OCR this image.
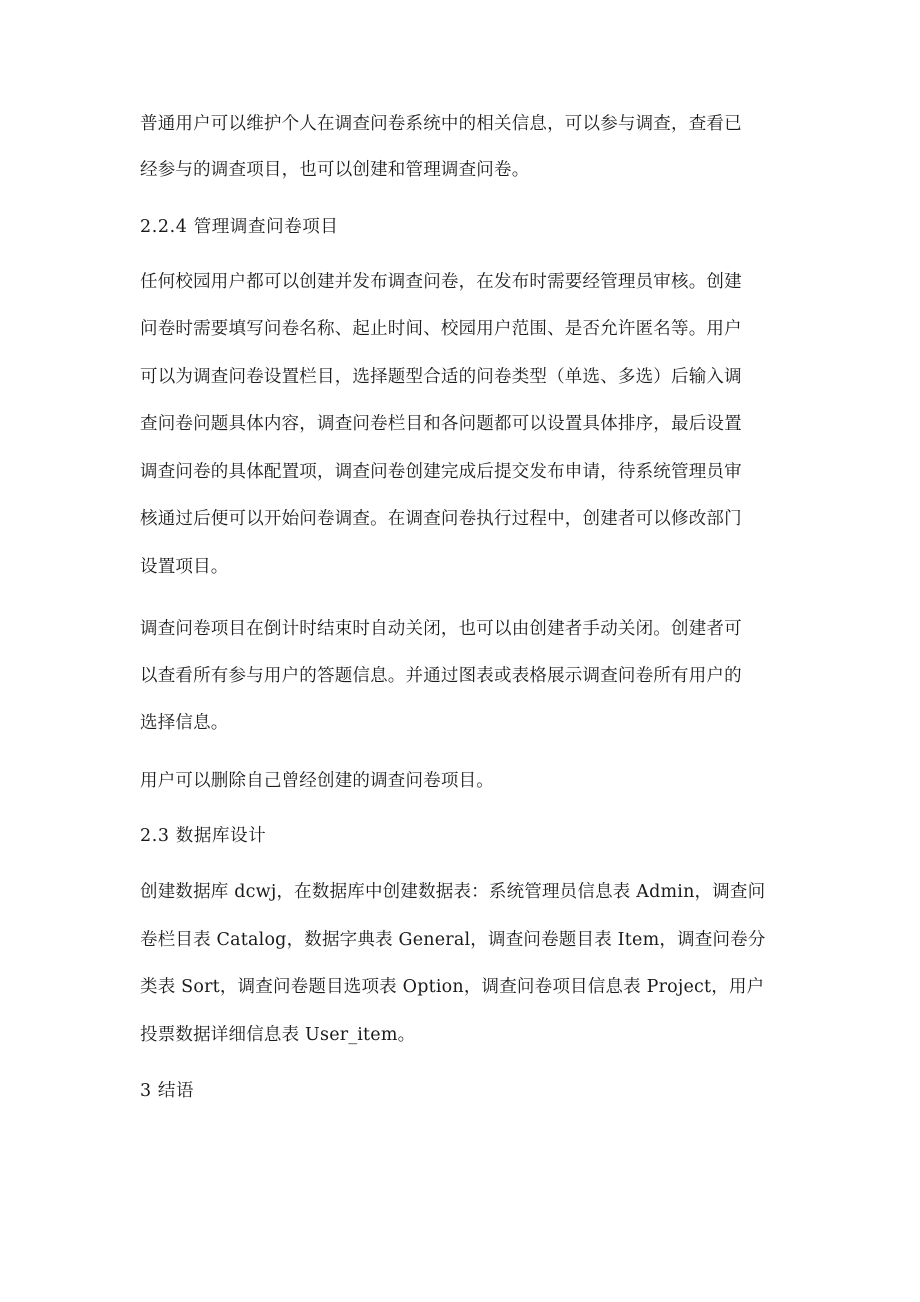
普通用户可以维护个人在调查问卷系统中的相关信息，可以参与调查，查看已
经参与的调查项目，也可以创建和管理调查问卷。
2.2.4 管理调查问卷项目
任何校园用户都可以创建并发布调查问卷，在发布时需要经管理员审核。创建
问卷时需要填写问卷名称、起止时间、校园用户范围、是否允许匿名等。用户
可以为调查问卷设置栏目，选择题型合适的问卷类型（单选、多选）后输入调
查问卷问题具体内容，调查问卷栏目和各问题都可以设置具体排序，最后设置
调查问卷的具体配置项，调查问卷创建完成后提交发布申请，待系统管理员审
核通过后便可以开始问卷调查。在调查问卷执行过程中，创建者可以修改部门
设置项目。
调查问卷项目在倒计时结束时自动关闭，也可以由创建者手动关闭。创建者可
以查看所有参与用户的答题信息。并通过图表或表格展示调查问卷所有用户的
选择信息。
用户可以删除自己曾经创建的调查问卷项目。
2.3 数据库设计
创建数据库 dcwj，在数据库中创建数据表：系统管理员信息表 Admin，调查问
卷栏目表 Catalog，数据字典表 General，调查问卷题目表 Item，调查问卷分
类表 Sort，调查问卷题目选项表 Option，调查问卷项目信息表 Project，用户
投票数据详细信息表 User_item。
3 结语
